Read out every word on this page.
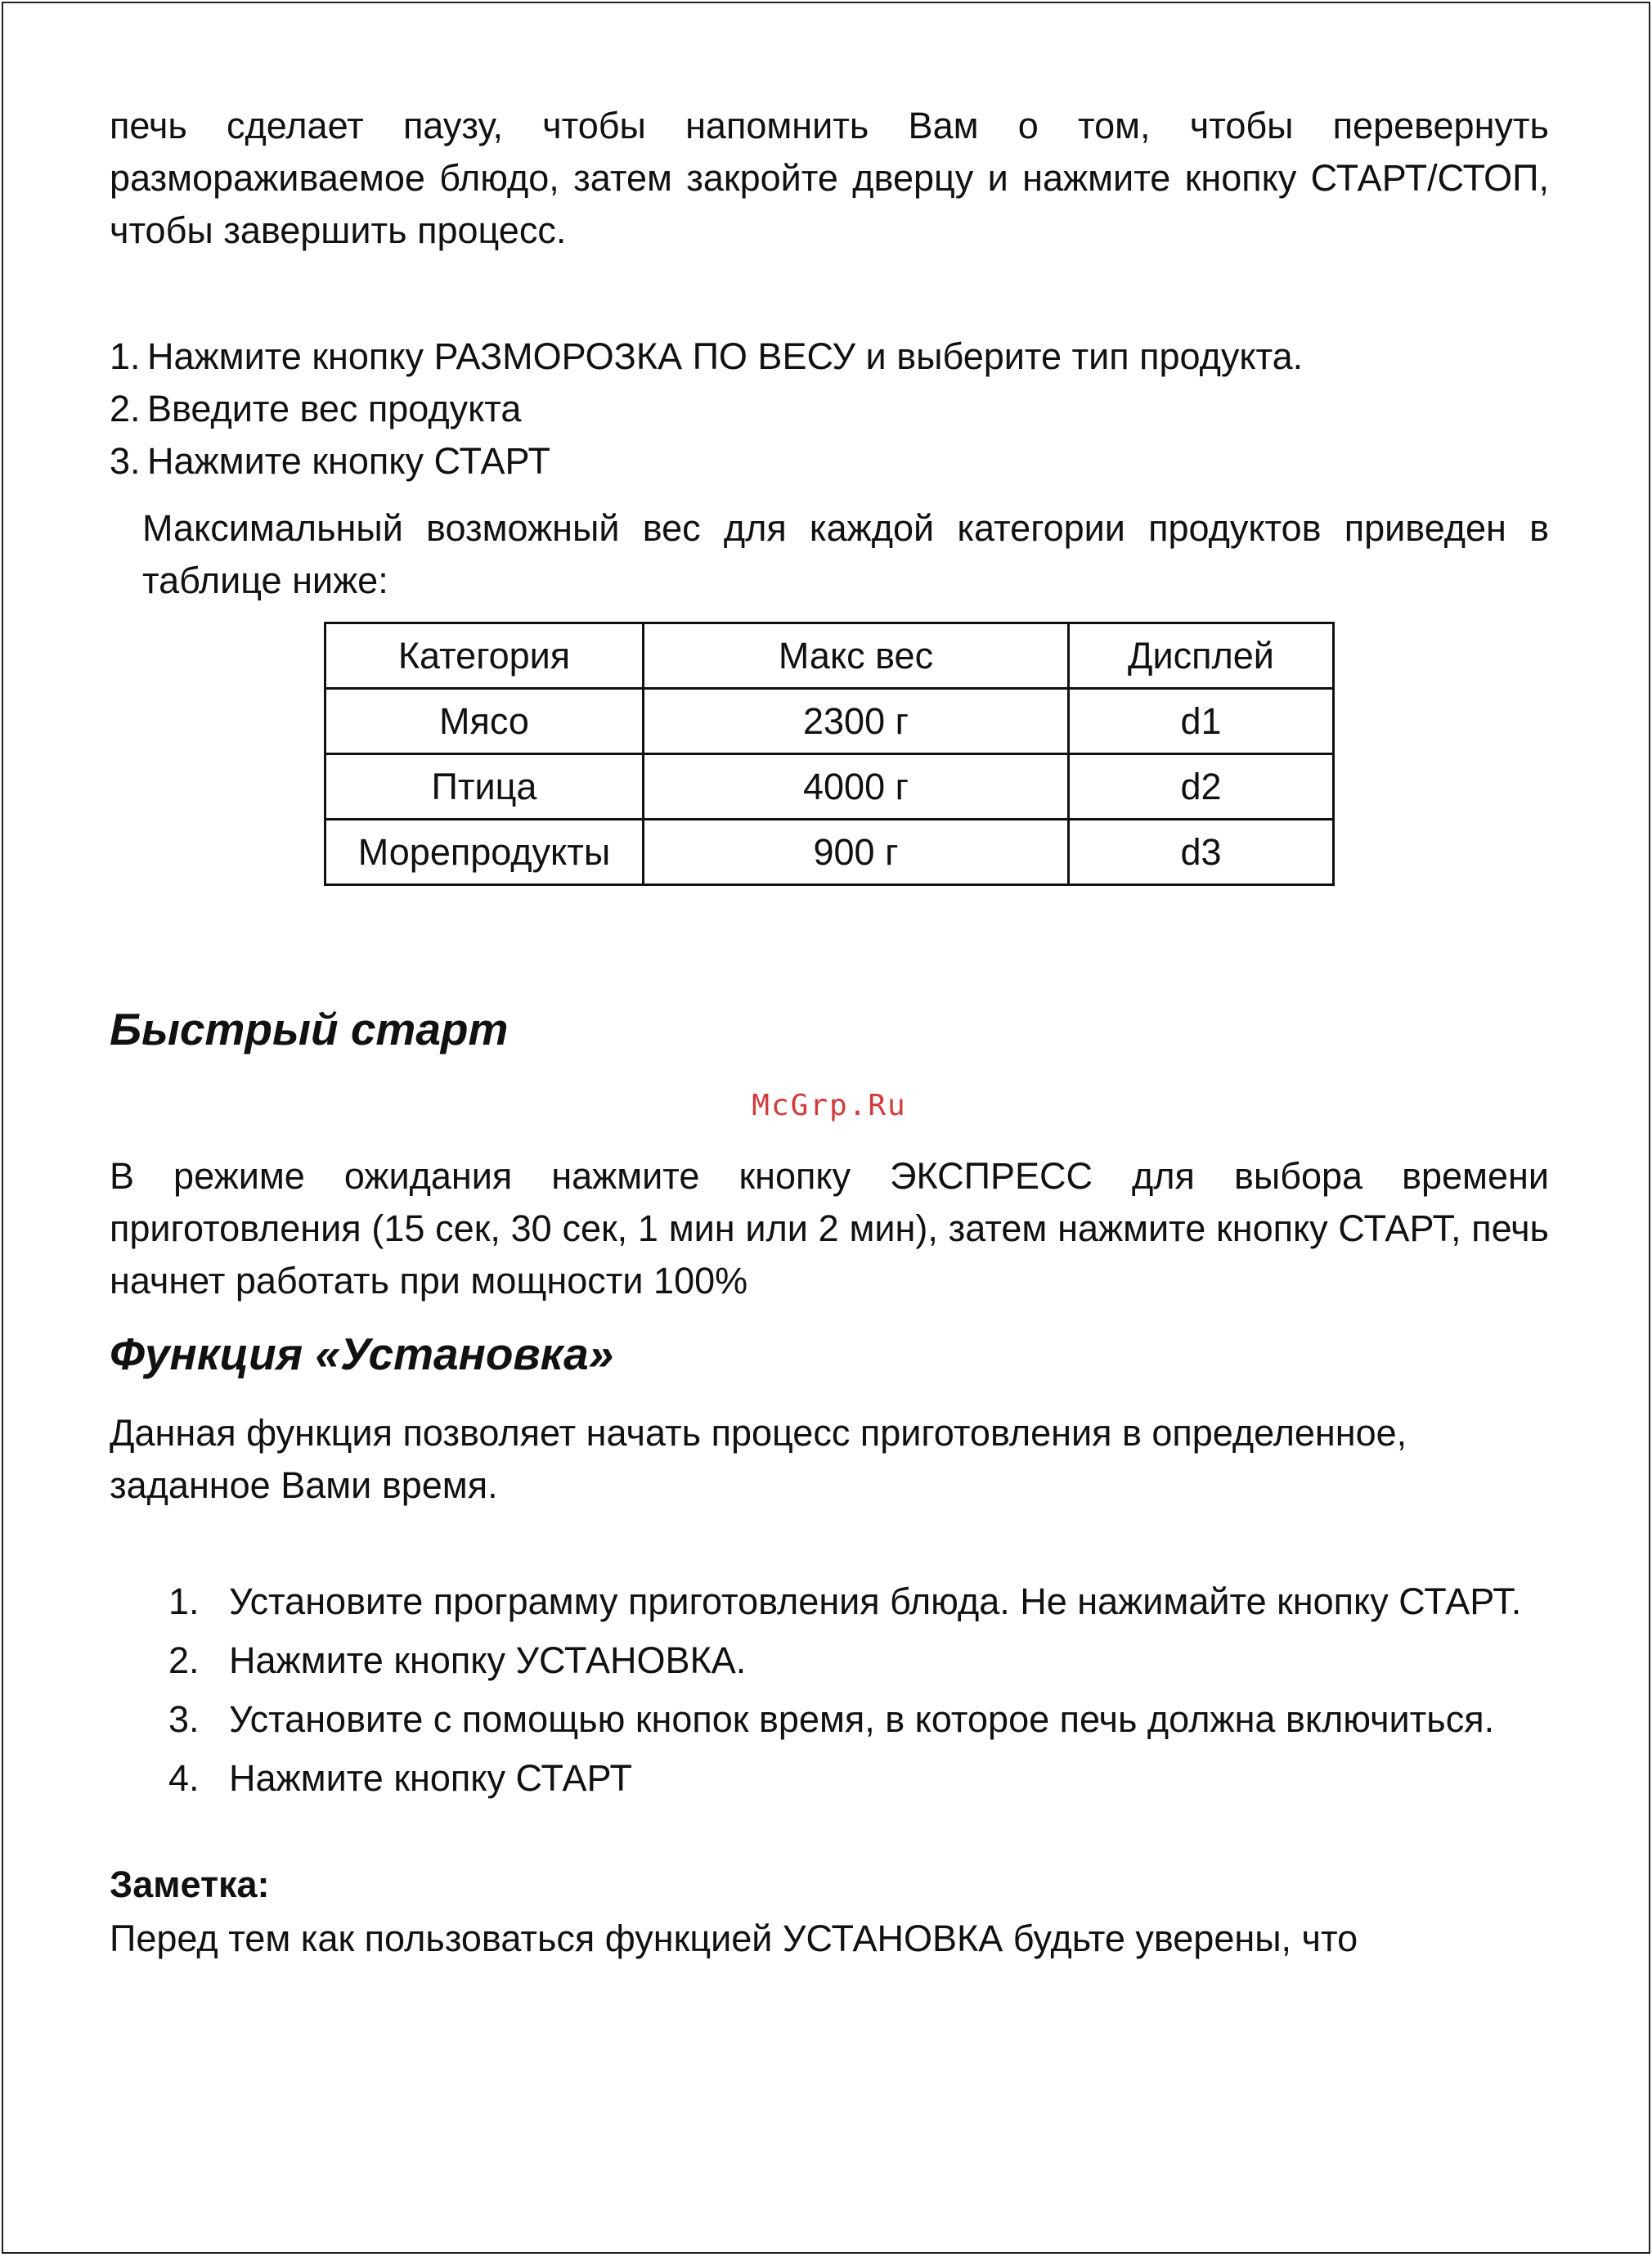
печь сделает паузу, чтобы напомнить Вам о том, чтобы перевернуть размораживаемое блюдо, затем закройте дверцу и нажмите кнопку СТАРТ/СТОП, чтобы завершить процесс.

1. Нажмите кнопку РАЗМОРОЗКА ПО ВЕСУ и выберите тип продукта.
2. Введите вес продукта
3. Нажмите кнопку СТАРТ

Максимальный возможный вес для каждой категории продуктов приведен в таблице ниже:

Категория	Макс вес	Дисплей
Мясо	2300 г	d1
Птица	4000 г	d2
Морепродукты	900 г	d3
Быстрый старт
McGrp.Ru

В режиме ожидания нажмите кнопку ЭКСПРЕСС для выбора времени приготовления (15 сек, 30 сек, 1 мин или 2 мин), затем нажмите кнопку СТАРТ, печь начнет работать при мощности 100%

Функция «Установка»

Данная функция позволяет начать процесс приготовления в определенное, заданное Вами время.

1. Установите программу приготовления блюда. Не нажимайте кнопку СТАРТ.
2. Нажмите кнопку УСТАНОВКА.
3. Установите с помощью кнопок время, в которое печь должна включиться.
4. Нажмите кнопку СТАРТ

Заметка:

Перед тем как пользоваться функцией УСТАНОВКА будьте уверены, что
